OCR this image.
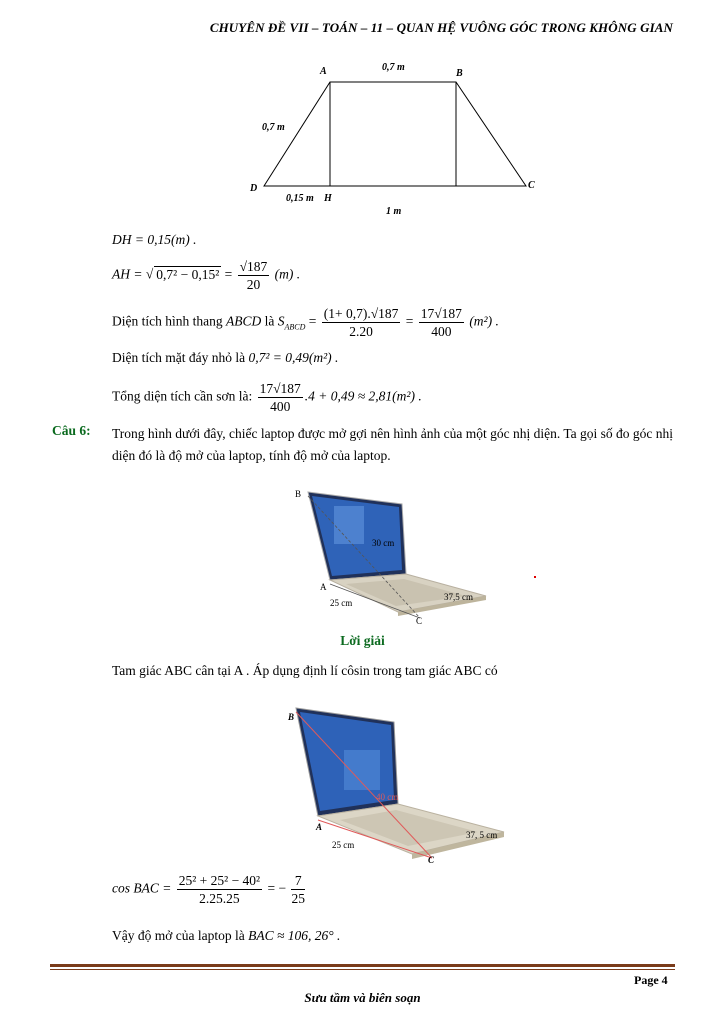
CHUYÊN ĐỀ VII – TOÁN – 11 – QUAN HỆ VUÔNG GÓC TRONG KHÔNG GIAN
A	B
C
D
H
0,7 m
0,7 m
0,15 m
1 m
DH = 0,15(m) .
AH = √ $0,7^2 - 0,15^2 = \frac{√187}{20} (m)$ .
Diện tích hình thang ABCD là $S_{ABCD} = \frac{(1+ 0,7).√187}{2.20} = \frac{17√187}{400} (m^2)$ .
Diện tích mặt đáy nhỏ là 0,7² = 0,49(m²) .
Tổng diện tích cần sơn là: $\frac{17√187}{400} .4 + 0,49 \approx 2,81(m^2)$ .
Câu 6: Trong hình dưới đây, chiếc laptop được mở gợi nên hình ảnh của một góc nhị diện. Ta gọi số đo góc nhị diện đó là độ mở của laptop, tính độ mở của laptop.
B
A
C
30 cm
25 cm
37,5 cm
Lời giải
Tam giác ABC cân tại A . Áp dụng định lí côsin trong tam giác ABC có
B
A
C
40 cm
25 cm
37, 5 cm
cos BAC = $\frac{\text{25² + 25² − 40²}}{2.25.25}$ = − $\frac{7}{25}$
Vậy độ mở của laptop là BAC ≈ 106, 26° .
Page 4
Sưu tầm và biên soạn
